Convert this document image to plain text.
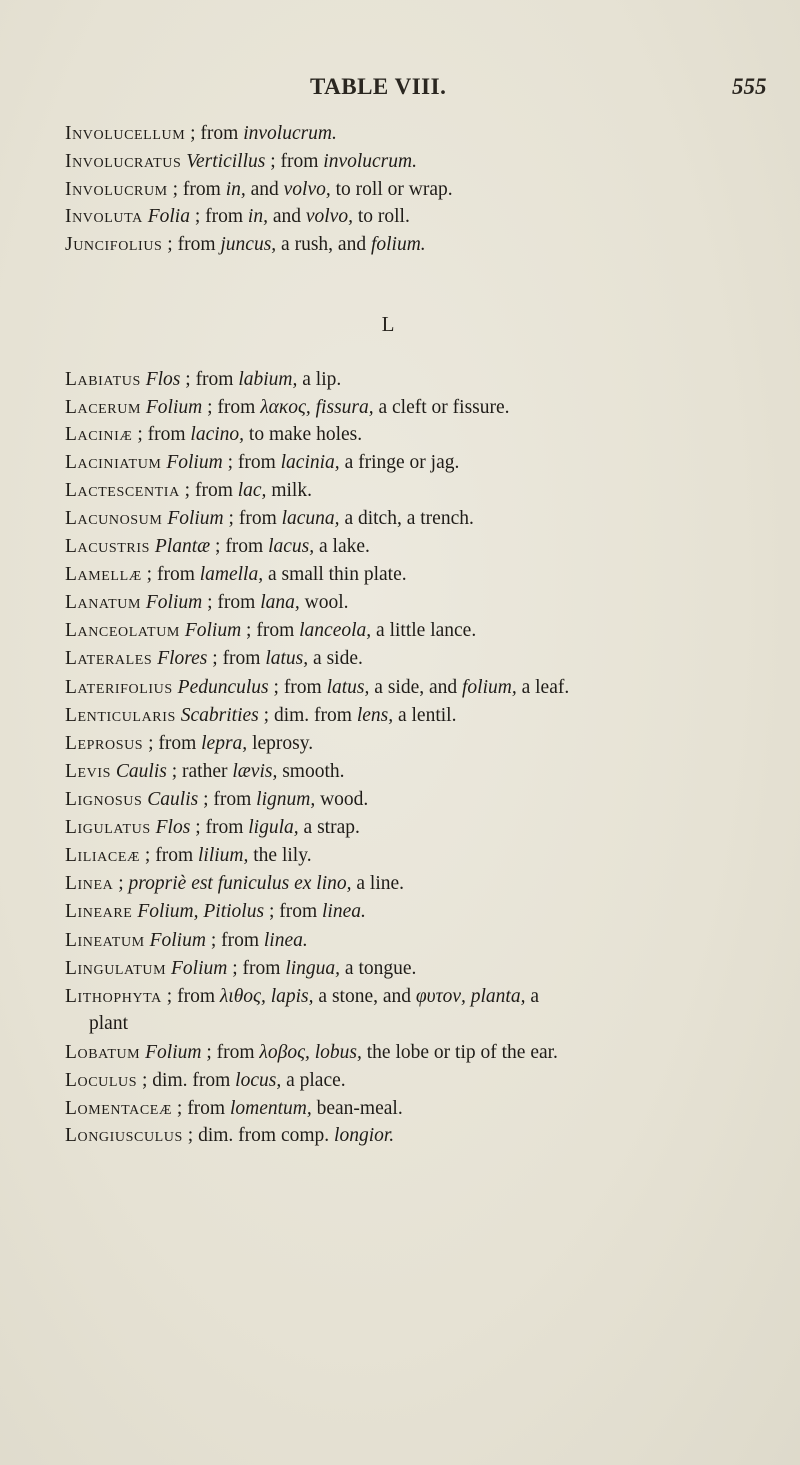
TABLE VIII.	555
L
Involucellum ; from involucrum.
Involucratus Verticillus ; from involucrum.
Involucrum ; from in, and volvo, to roll or wrap.
Involuta Folia ; from in, and volvo, to roll.
Juncifolius ; from juncus, a rush, and folium.
Labiatus Flos ; from labium, a lip.
Lacerum Folium ; from λακος, fissura, a cleft or fissure.
Laciniæ ; from lacino, to make holes.
Laciniatum Folium ; from lacinia, a fringe or jag.
Lactescentia ; from lac, milk.
Lacunosum Folium ; from lacuna, a ditch, a trench.
Lacustris Plantæ ; from lacus, a lake.
Lamellæ ; from lamella, a small thin plate.
Lanatum Folium ; from lana, wool.
Lanceolatum Folium ; from lanceola, a little lance.
Laterales Flores ; from latus, a side.
Laterifolius Pedunculus ; from latus, a side, and folium, a leaf.
Lenticularis Scabrities ; dim. from lens, a lentil.
Leprosus ; from lepra, leprosy.
Levis Caulis ; rather lævis, smooth.
Lignosus Caulis ; from lignum, wood.
Ligulatus Flos ; from ligula, a strap.
Liliaceæ ; from lilium, the lily.
Linea ; propriè est funiculus ex lino, a line.
Lineare Folium, Pitiolus ; from linea.
Lineatum Folium ; from linea.
Lingulatum Folium ; from lingua, a tongue.
Lithophyta ; from λιθος, lapis, a stone, and φυτον, planta, a
plant
Lobatum Folium ; from λοβος, lobus, the lobe or tip of the ear.
Loculus ; dim. from locus, a place.
Lomentaceæ ; from lomentum, bean-meal.
Longiusculus ; dim. from comp. longior.
